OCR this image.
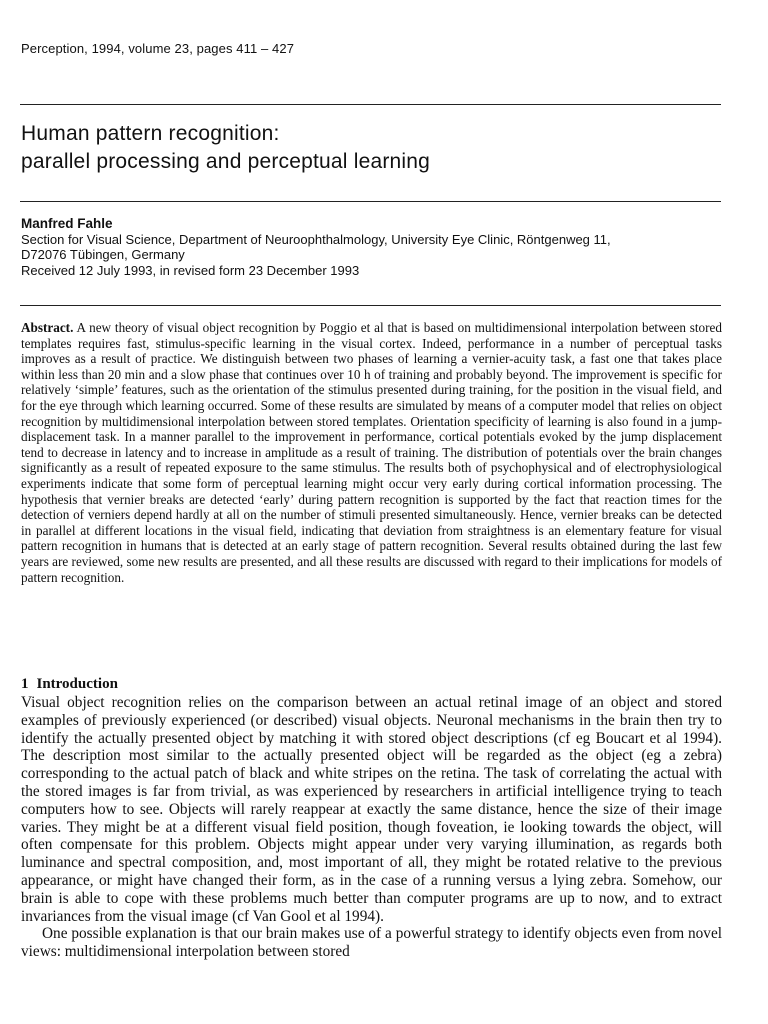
Perception, 1994, volume 23, pages 411 – 427
Human pattern recognition:
parallel processing and perceptual learning
Manfred Fahle
Section for Visual Science, Department of Neuroophthalmology, University Eye Clinic, Röntgenweg 11,
D72076 Tübingen, Germany
Received 12 July 1993, in revised form 23 December 1993

Abstract. A new theory of visual object recognition by Poggio et al that is based on multidimensional interpolation between stored templates requires fast, stimulus-specific learning in the visual cortex. Indeed, performance in a number of perceptual tasks improves as a result of practice. We distinguish between two phases of learning a vernier-acuity task, a fast one that takes place within less than 20 min and a slow phase that continues over 10 h of training and probably beyond. The improvement is specific for relatively ‘simple’ features, such as the orientation of the stimulus presented during training, for the position in the visual field, and for the eye through which learning occurred. Some of these results are simulated by means of a computer model that relies on object recognition by multidimensional interpolation between stored templates. Orientation specificity of learning is also found in a jump-displacement task. In a manner parallel to the improvement in performance, cortical potentials evoked by the jump displacement tend to decrease in latency and to increase in amplitude as a result of training. The distribution of potentials over the brain changes significantly as a result of repeated exposure to the same stimulus. The results both of psychophysical and of electrophysiological experiments indicate that some form of perceptual learning might occur very early during cortical information processing. The hypothesis that vernier breaks are detected ‘early’ during pattern recognition is supported by the fact that reaction times for the detection of verniers depend hardly at all on the number of stimuli presented simultaneously. Hence, vernier breaks can be detected in parallel at different locations in the visual field, indicating that deviation from straightness is an elementary feature for visual pattern recognition in humans that is detected at an early stage of pattern recognition. Several results obtained during the last few years are reviewed, some new results are presented, and all these results are discussed with regard to their implications for models of pattern recognition.

1 Introduction

Visual object recognition relies on the comparison between an actual retinal image of an object and stored examples of previously experienced (or described) visual objects. Neuronal mechanisms in the brain then try to identify the actually presented object by matching it with stored object descriptions (cf eg Boucart et al 1994). The description most similar to the actually presented object will be regarded as the object (eg a zebra) corresponding to the actual patch of black and white stripes on the retina. The task of correlating the actual with the stored images is far from trivial, as was experienced by researchers in artificial intelligence trying to teach computers how to see. Objects will rarely reappear at exactly the same distance, hence the size of their image varies. They might be at a different visual field position, though foveation, ie looking towards the object, will often compensate for this problem. Objects might appear under very varying illumination, as regards both luminance and spectral composition, and, most important of all, they might be rotated relative to the previous appearance, or might have changed their form, as in the case of a running versus a lying zebra. Somehow, our brain is able to cope with these problems much better than computer programs are up to now, and to extract invariances from the visual image (cf Van Gool et al 1994).

One possible explanation is that our brain makes use of a powerful strategy to identify objects even from novel views: multidimensional interpolation between stored
